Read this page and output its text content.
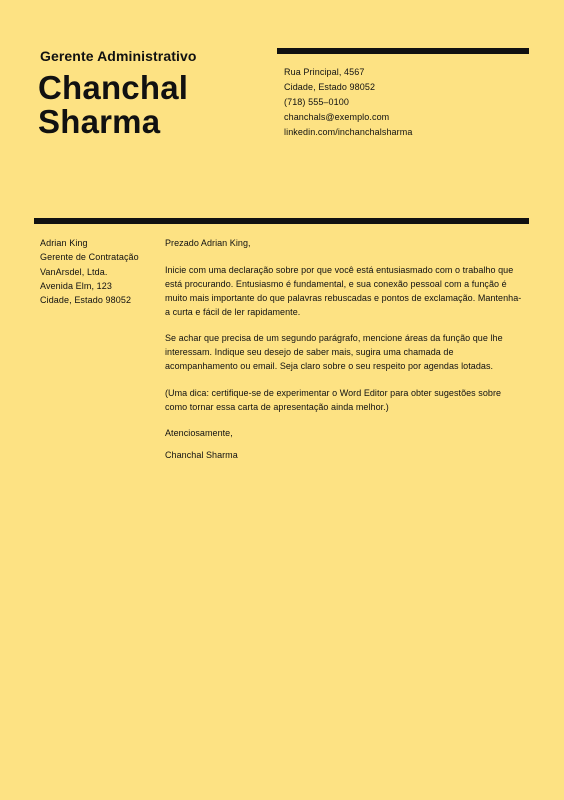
Gerente Administrativo
Chanchal
Sharma
Rua Principal, 4567
Cidade, Estado 98052
(718) 555–0100
chanchals@exemplo.com
linkedin.com/inchanchalsharma
Adrian King
Gerente de Contratação
VanArsdel, Ltda.
Avenida Elm, 123
Cidade, Estado 98052

Prezado Adrian King,

Inicie com uma declaração sobre por que você está entusiasmado com o trabalho que
está procurando. Entusiasmo é fundamental, e sua conexão pessoal com a função é
muito mais importante do que palavras rebuscadas e pontos de exclamação. Mantenha-
a curta e fácil de ler rapidamente.

Se achar que precisa de um segundo parágrafo, mencione áreas da função que lhe
interessam. Indique seu desejo de saber mais, sugira uma chamada de
acompanhamento ou email. Seja claro sobre o seu respeito por agendas lotadas.

(Uma dica: certifique-se de experimentar o Word Editor para obter sugestões sobre
como tornar essa carta de apresentação ainda melhor.)

Atenciosamente,

Chanchal Sharma
